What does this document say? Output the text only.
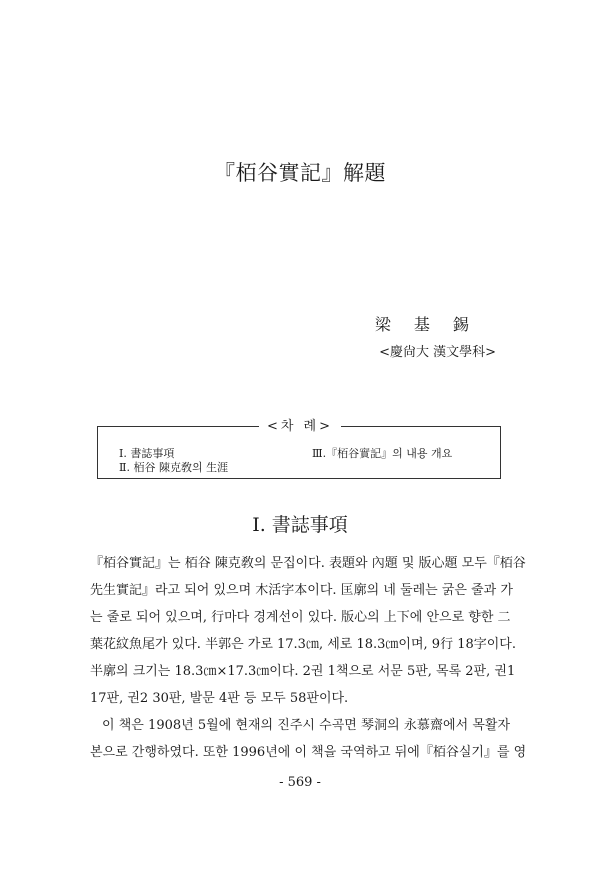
『栢谷實記』解題
梁 基 錫
<慶尙大 漢文學科>
<차 례>
Ⅰ. 書誌事項
Ⅱ. 栢谷 陳克敎의 生涯
Ⅲ.『栢谷實記』의 내용 개요
Ⅰ. 書誌事項
『栢谷實記』는 栢谷 陳克敎의 문집이다. 表題와 內題 및 版心題 모두『栢谷
先生實記』라고 되어 있으며 木活字本이다. 匡廓의 네 둘레는 굵은 줄과 가
는 줄로 되어 있으며, 行마다 경계선이 있다. 版心의 上下에 안으로 향한 二
葉花紋魚尾가 있다. 半郭은 가로 17.3㎝, 세로 18.3㎝이며, 9行 18字이다.
半廓의 크기는 18.3㎝×17.3㎝이다. 2권 1책으로 서문 5판, 목록 2판, 권1
17판, 권2 30판, 발문 4판 등 모두 58판이다.
이 책은 1908년 5월에 현재의 진주시 수곡면 琴洞의 永慕齋에서 목활자
본으로 간행하였다. 또한 1996년에 이 책을 국역하고 뒤에『栢谷실기』를 영
- 569 -
